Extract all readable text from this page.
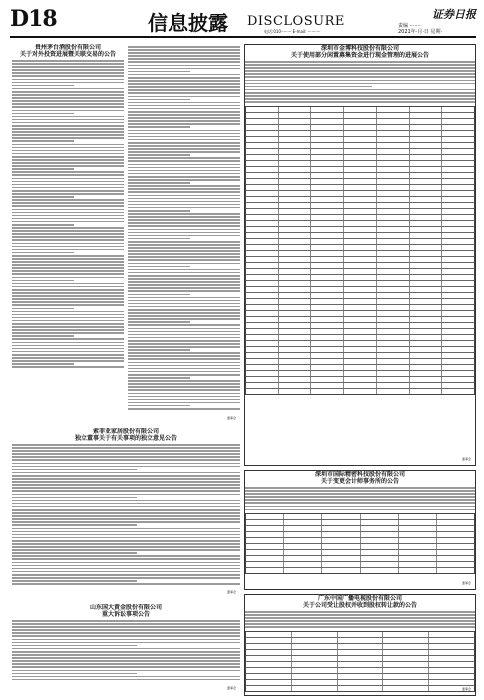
D18	信息披露 DISCLOSURE	证券日报
责编 ·······
2021年·月·日 星期·
电话:010-······· E-mail: ··········
贵州茅台酒股份有限公司
关于对外投资进展暨关联交易的公告
董事会
索菲亚家居股份有限公司
独立董事关于有关事项的独立意见公告
董事会
山东国大黄金股份有限公司
重大诉讼事项公告
董事会
深圳市金博科技股份有限公司
关于使用部分闲置募集资金进行现金管理的进展公告
董事会
深圳市国际精密科技股份有限公司
关于变更会计师事务所的公告
董事会
广东中国广播电视股份有限公司
关于公司受让股权并收到股权转让款的公告
董事会
